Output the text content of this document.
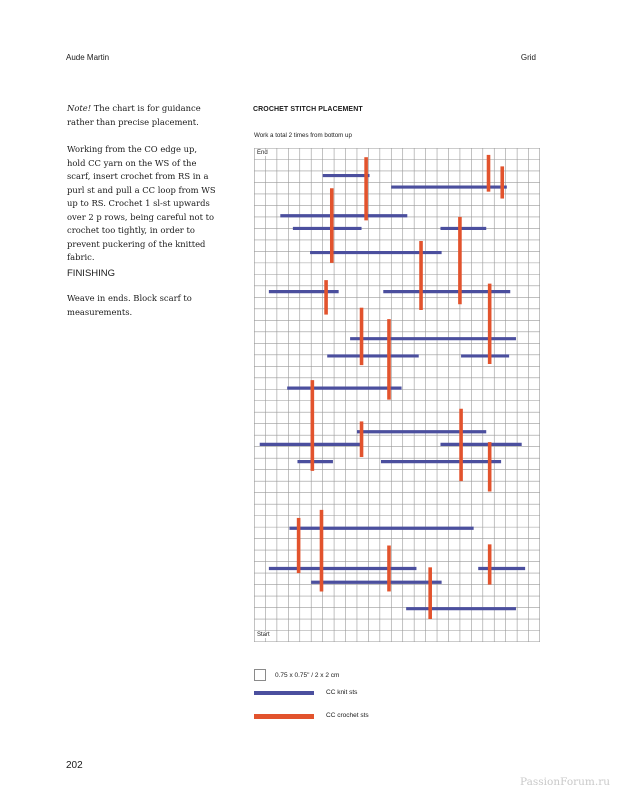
Aude Martin	Grid
Note! The chart is for guidance rather than precise placement.
Working from the CO edge up, hold CC yarn on the WS of the scarf, insert crochet from RS in a purl st and pull a CC loop from WS up to RS. Crochet 1 sl-st upwards over 2 p rows, being careful not to crochet too tightly, in order to prevent puckering of the knitted fabric.
FINISHING
Weave in ends. Block scarf to measurements.
CROCHET STITCH PLACEMENT
Work a total 2 times from bottom up
End
Start
0.75 x 0.75" / 2 x 2 cm
CC knit sts
CC crochet sts
202
PassionForum.ru
